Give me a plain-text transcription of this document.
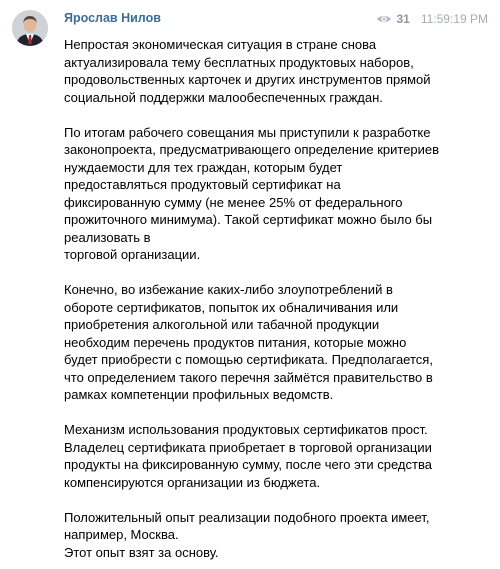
Ярослав Нилов	31 11:59:19 PM
Непростая экономическая ситуация в стране снова
актуализировала тему бесплатных продуктовых наборов,
продовольственных карточек и других инструментов прямой
социальной поддержки малообеспеченных граждан.

По итогам рабочего совещания мы приступили к разработке
законопроекта, предусматривающего определение критериев
нуждаемости для тех граждан, которым будет
предоставляться продуктовый сертификат на
фиксированную сумму (не менее 25% от федерального
прожиточного минимума). Такой сертификат можно было бы
реализовать в
торговой организации.

Конечно, во избежание каких-либо злоупотреблений в
обороте сертификатов, попыток их обналичивания или
приобретения алкогольной или табачной продукции
необходим перечень продуктов питания, которые можно
будет приобрести с помощью сертификата. Предполагается,
что определением такого перечня займётся правительство в
рамках компетенции профильных ведомств.

Механизм использования продуктовых сертификатов прост.
Владелец сертификата приобретает в торговой организации
продукты на фиксированную сумму, после чего эти средства
компенсируются организации из бюджета.

Положительный опыт реализации подобного проекта имеет,
например, Москва.
Этот опыт взят за основу.
